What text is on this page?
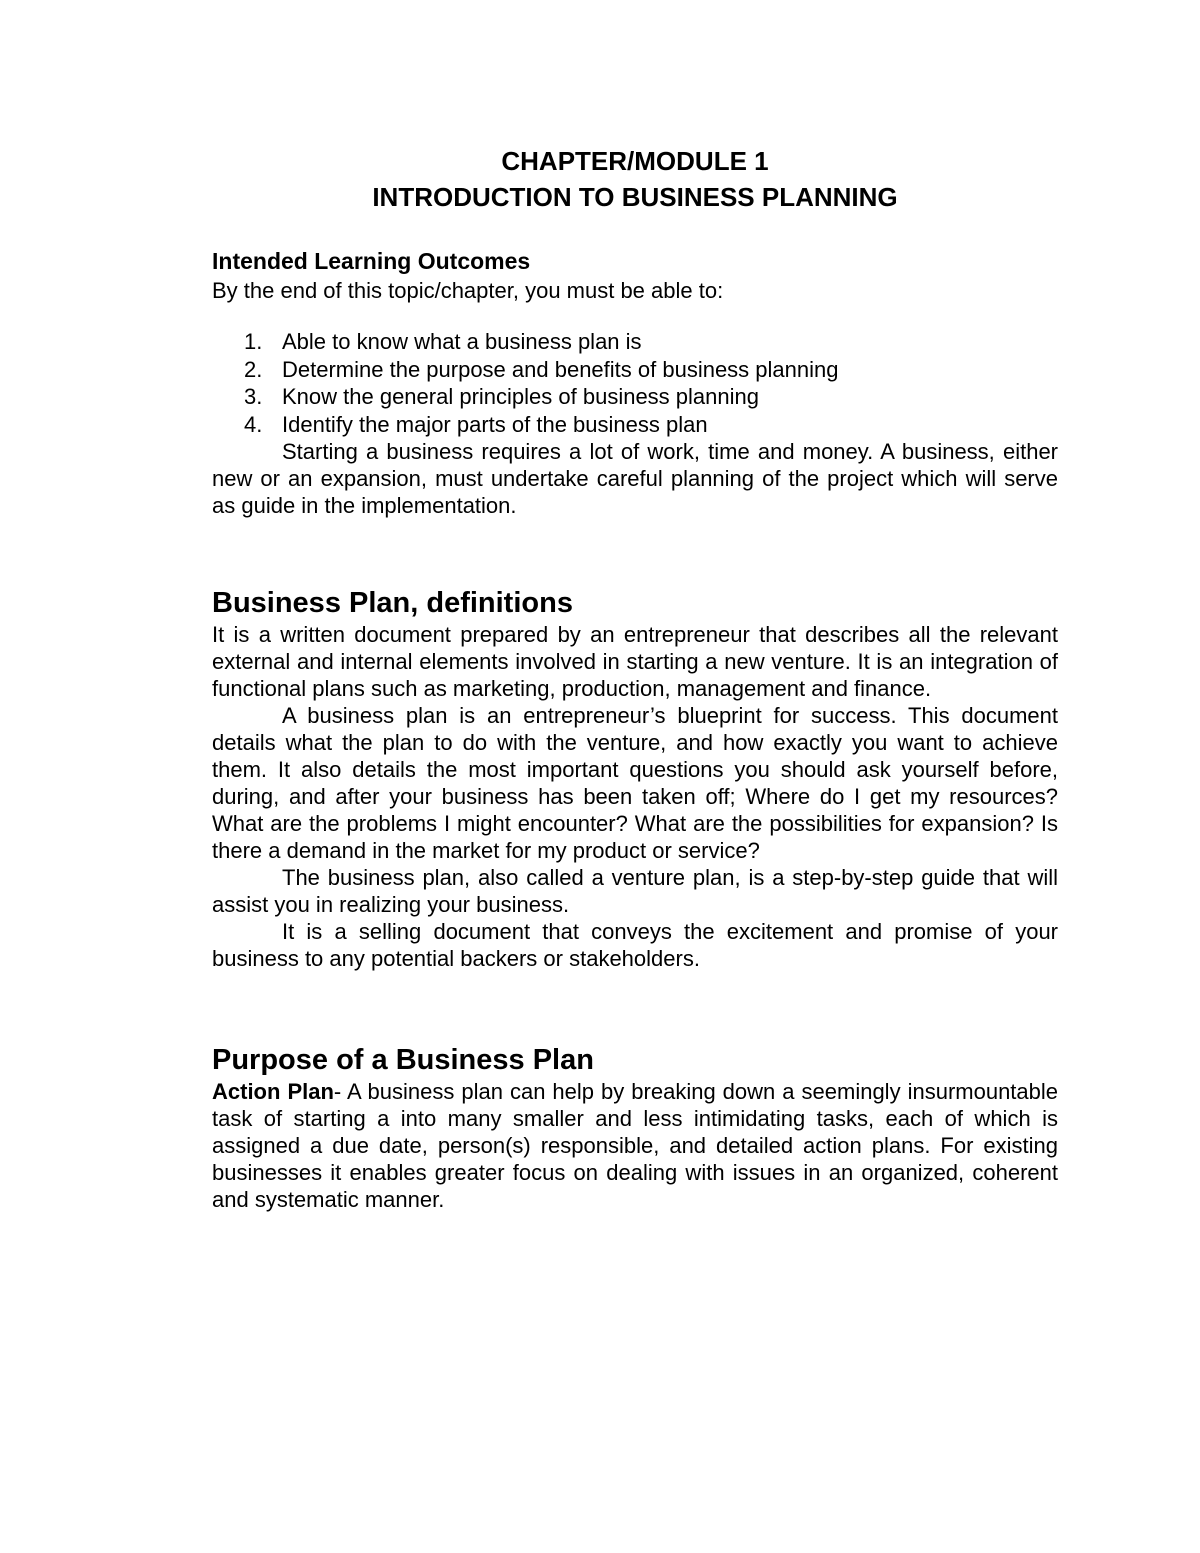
CHAPTER/MODULE 1
INTRODUCTION TO BUSINESS PLANNING
Intended Learning Outcomes
By the end of this topic/chapter, you must be able to:
1. Able to know what a business plan is
2. Determine the purpose and benefits of business planning
3. Know the general principles of business planning
4. Identify the major parts of the business plan

Starting a business requires a lot of work, time and money. A business, either new or an expansion, must undertake careful planning of the project which will serve as guide in the implementation.

Business Plan, definitions

It is a written document prepared by an entrepreneur that describes all the relevant external and internal elements involved in starting a new venture. It is an integration of functional plans such as marketing, production, management and finance.

A business plan is an entrepreneur’s blueprint for success. This document details what the plan to do with the venture, and how exactly you want to achieve them. It also details the most important questions you should ask yourself before, during, and after your business has been taken off; Where do I get my resources? What are the problems I might encounter? What are the possibilities for expansion? Is there a demand in the market for my product or service?

The business plan, also called a venture plan, is a step-by-step guide that will assist you in realizing your business.

It is a selling document that conveys the excitement and promise of your business to any potential backers or stakeholders.

Purpose of a Business Plan

Action Plan- A business plan can help by breaking down a seemingly insurmountable task of starting a into many smaller and less intimidating tasks, each of which is assigned a due date, person(s) responsible, and detailed action plans. For existing businesses it enables greater focus on dealing with issues in an organized, coherent and systematic manner.
